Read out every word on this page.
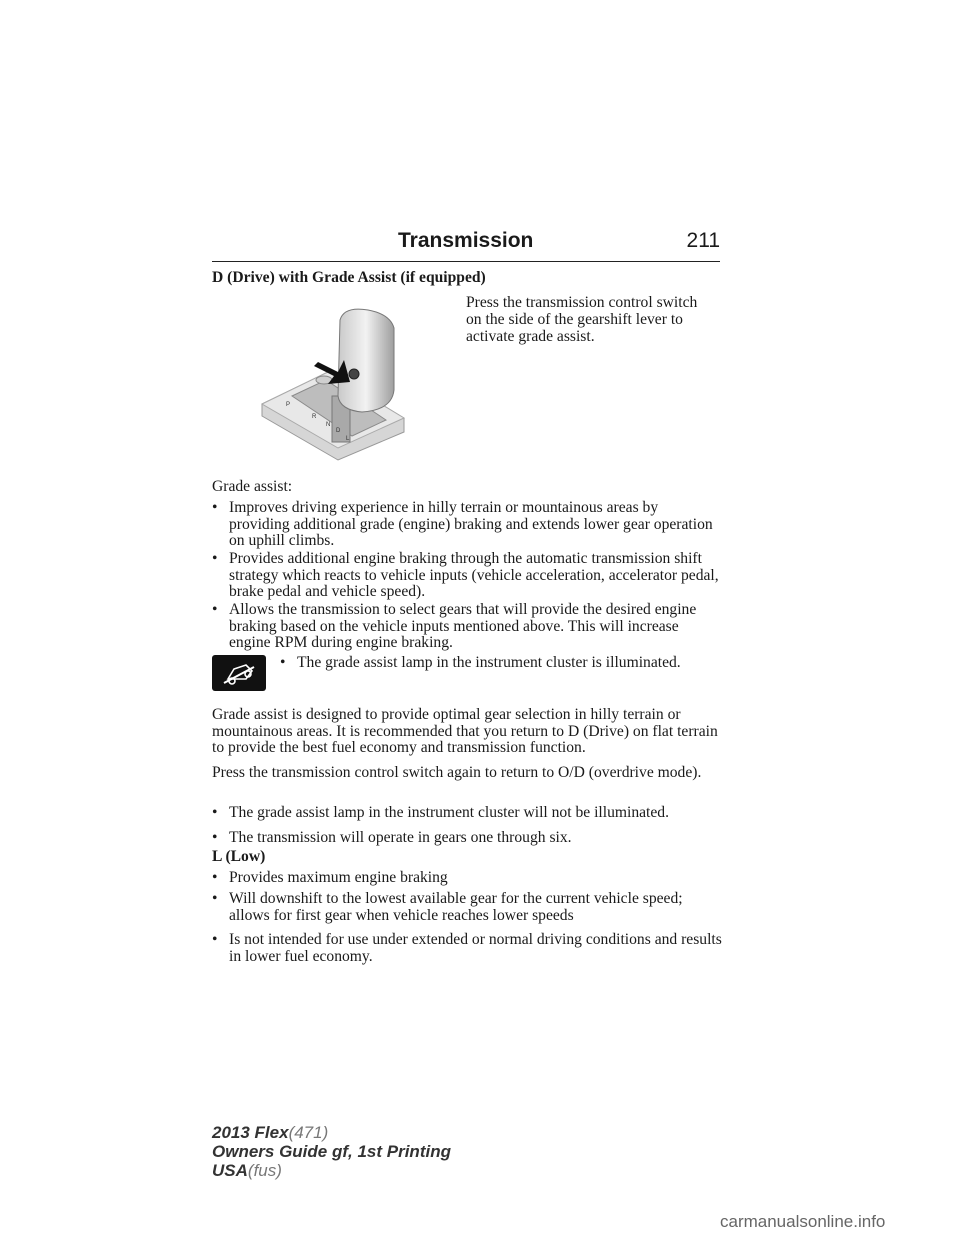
Transmission	211
D (Drive) with Grade Assist (if equipped)
P
R
N
D
L
Press the transmission control switch on the side of the gearshift lever to activate grade assist.
Grade assist:
• Improves driving experience in hilly terrain or mountainous areas by providing additional grade (engine) braking and extends lower gear operation on uphill climbs.
• Provides additional engine braking through the automatic transmission shift strategy which reacts to vehicle inputs (vehicle acceleration, accelerator pedal, brake pedal and vehicle speed).
• Allows the transmission to select gears that will provide the desired engine braking based on the vehicle inputs mentioned above. This will increase engine RPM during engine braking.
• The grade assist lamp in the instrument cluster is illuminated.
Grade assist is designed to provide optimal gear selection in hilly terrain or mountainous areas. It is recommended that you return to D (Drive) on flat terrain to provide the best fuel economy and transmission function.
Press the transmission control switch again to return to O/D (overdrive mode).
• The grade assist lamp in the instrument cluster will not be illuminated.
• The transmission will operate in gears one through six.
L (Low)
• Provides maximum engine braking
• Will downshift to the lowest available gear for the current vehicle speed; allows for first gear when vehicle reaches lower speeds
• Is not intended for use under extended or normal driving conditions and results in lower fuel economy.
2013 Flex(471)
Owners Guide gf, 1st Printing
USA(fus)
carmanualsonline.info
